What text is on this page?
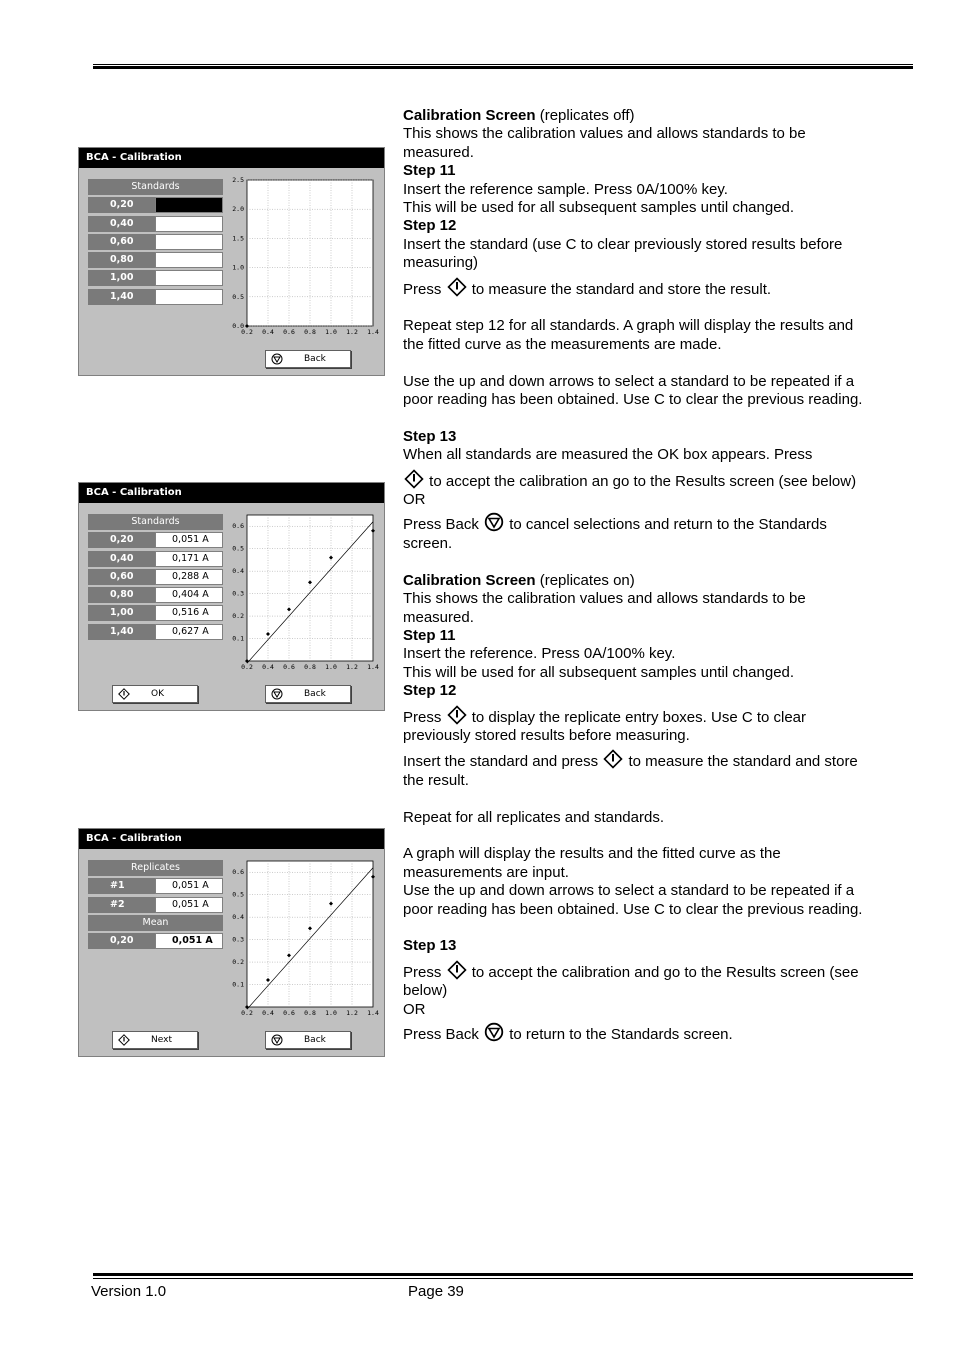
BCA - Calibration
Standards
0,20
0,40
0,60
0,80
1,00
1,40
0.2 0.4 0.6 0.8 1.0 1.2 1.4
0.0
0.5
1.0
1.5
2.0
2.5
Back
BCA - Calibration
Standards
0,20	0,051 A
0,40	0,171 A
0,60	0,288 A
0,80	0,404 A
1,00	0,516 A
1,40	0,627 A
0.2 0.4 0.6 0.8 1.0 1.2 1.4
0.1
0.2
0.3
0.4
0.5
0.6
OK	Back
BCA - Calibration
Replicates
#1	0,051 A
#2	0,051 A
Mean
0,20	0,051 A
0.2 0.4 0.6 0.8 1.0 1.2 1.4
0.1
0.2
0.3
0.4
0.5
0.6
Next	Back

Calibration Screen (replicates off)

This shows the calibration values and allows standards to be measured.

Step 11

Insert the reference sample. Press 0A/100% key.

This will be used for all subsequent samples until changed.

Step 12

Insert the standard (use C to clear previously stored results before measuring)

Press to measure the standard and store the result.

Repeat step 12 for all standards. A graph will display the results and the fitted curve as the measurements are made.

Use the up and down arrows to select a standard to be repeated if a poor reading has been obtained. Use C to clear the previous reading.

Step 13

When all standards are measured the OK box appears. Press

to accept the calibration an go to the Results screen (see below)

OR

Press Back to cancel selections and return to the Standards screen.

Calibration Screen (replicates on)

This shows the calibration values and allows standards to be measured.

Step 11

Insert the reference. Press 0A/100% key.

This will be used for all subsequent samples until changed.

Step 12

Press to display the replicate entry boxes. Use C to clear previously stored results before measuring.

Insert the standard and press to measure the standard and store the result.

Repeat for all replicates and standards.

A graph will display the results and the fitted curve as the measurements are input.

Use the up and down arrows to select a standard to be repeated if a poor reading has been obtained. Use C to clear the previous reading.

Step 13

Press to accept the calibration and go to the Results screen (see below)

OR

Press Back to return to the Standards screen.

Version 1.0	Page 39
